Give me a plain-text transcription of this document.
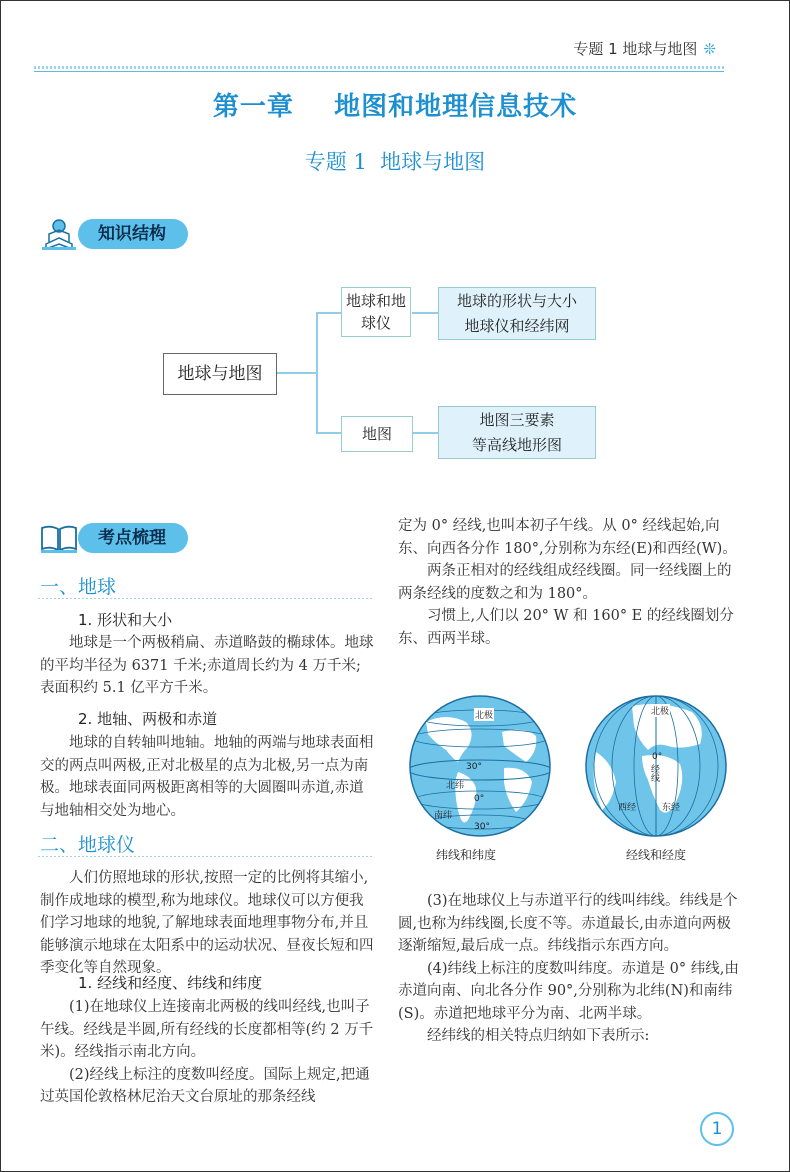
专题 1 地球与地图 ❊
第一章    地图和地理信息技术
专题 1  地球与地图
知识结构
地球与地图
地球和地球仪
地图
地球的形状与大小
地球仪和经纬网
地图三要素
等高线地形图
考点梳理
一、地球
1. 形状和大小

地球是一个两极稍扁、赤道略鼓的椭球体。地球的平均半径为 6371 千米;赤道周长约为 4 万千米;表面积约 5.1 亿平方千米。

2. 地轴、两极和赤道

地球的自转轴叫地轴。地轴的两端与地球表面相交的两点叫两极,正对北极星的点为北极,另一点为南极。地球表面同两极距离相等的大圆圈叫赤道,赤道与地轴相交处为地心。

二、地球仪

人们仿照地球的形状,按照一定的比例将其缩小,制作成地球的模型,称为地球仪。地球仪可以方便我们学习地球的地貌,了解地球表面地理事物分布,并且能够演示地球在太阳系中的运动状况、昼夜长短和四季变化等自然现象。

1. 经线和经度、纬线和纬度

(1)在地球仪上连接南北两极的线叫经线,也叫子午线。经线是半圆,所有经线的长度都相等(约 2 万千米)。经线指示南北方向。

(2)经线上标注的度数叫经度。国际上规定,把通过英国伦敦格林尼治天文台原址的那条经线

定为 0° 经线,也叫本初子午线。从 0° 经线起始,向东、向西各分作 180°,分别称为东经(E)和西经(W)。

两条正相对的经线组成经线圈。同一经线圈上的两条经线的度数之和为 180°。

习惯上,人们以 20° W 和 160° E 的经线圈划分东、西两半球。

北极
北纬
南纬
30°
0°
30°
纬线和纬度
北极
0°
经线
西经	东经
经线和经度

(3)在地球仪上与赤道平行的线叫纬线。纬线是个圆,也称为纬线圈,长度不等。赤道最长,由赤道向两极逐渐缩短,最后成一点。纬线指示东西方向。

(4)纬线上标注的度数叫纬度。赤道是 0° 纬线,由赤道向南、向北各分作 90°,分别称为北纬(N)和南纬(S)。赤道把地球平分为南、北两半球。

经纬线的相关特点归纳如下表所示:

1
